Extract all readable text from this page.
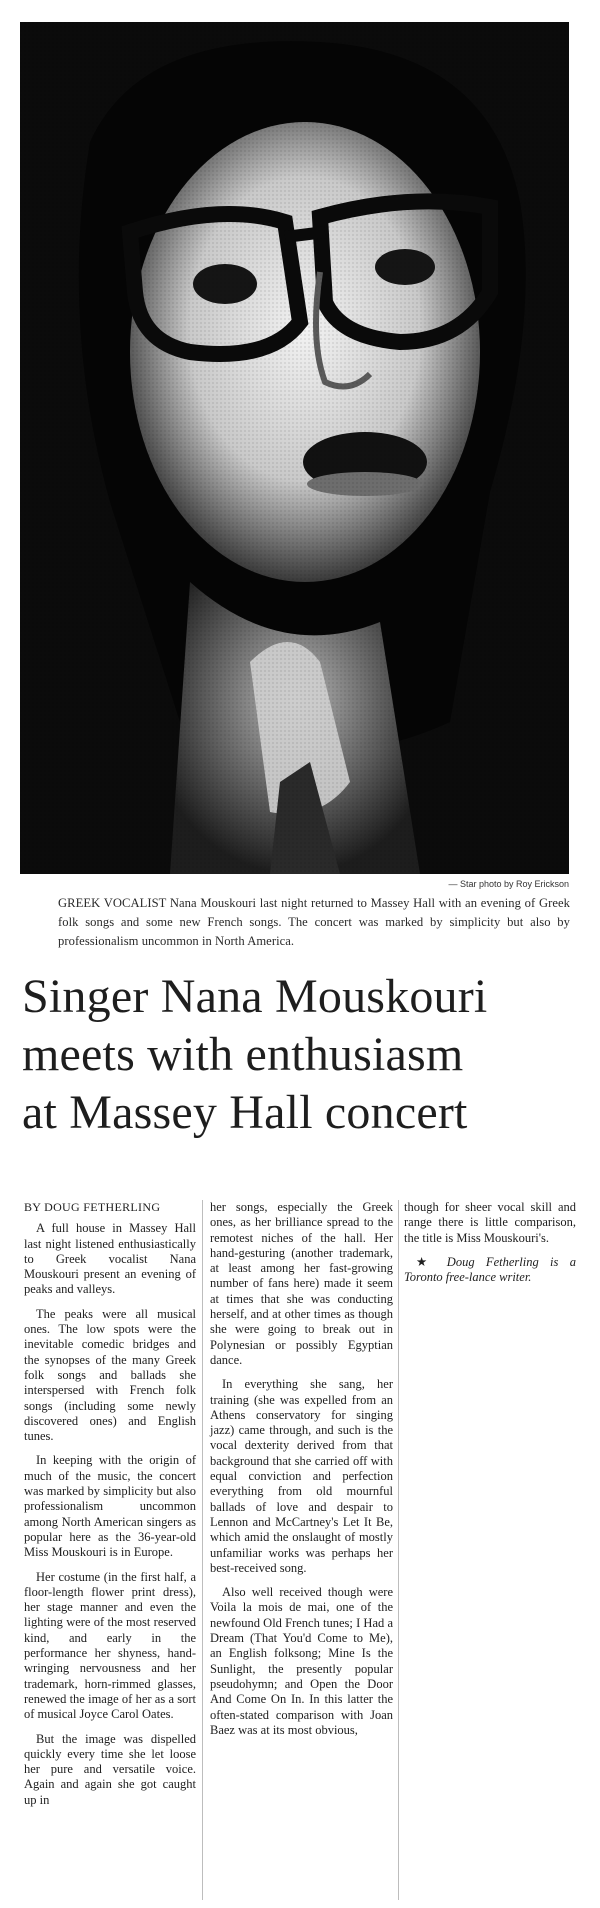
— Star photo by Roy Erickson
GREEK VOCALIST Nana Mouskouri last night returned to Massey Hall with an evening of Greek folk songs and some new French songs. The concert was marked by simplicity but also by professionalism uncommon in North America.
Singer Nana Mouskouri
meets with enthusiasm
at Massey Hall concert
BY DOUG FETHERLING

A full house in Massey Hall last night listened enthusiastically to Greek vocalist Nana Mouskouri present an evening of peaks and valleys.

The peaks were all musical ones. The low spots were the inevitable comedic bridges and the synopses of the many Greek folk songs and ballads she interspersed with French folk songs (including some newly discovered ones) and English tunes.

In keeping with the origin of much of the music, the concert was marked by simplicity but also professionalism uncommon among North American singers as popular here as the 36-year-old Miss Mouskouri is in Europe.

Her costume (in the first half, a floor-length flower print dress), her stage manner and even the lighting were of the most reserved kind, and early in the performance her shyness, hand-wringing nervousness and her trademark, horn-rimmed glasses, renewed the image of her as a sort of musical Joyce Carol Oates.

But the image was dispelled quickly every time she let loose her pure and versatile voice. Again and again she got caught up in

her songs, especially the Greek ones, as her brilliance spread to the remotest niches of the hall. Her hand-gesturing (another trademark, at least among her fast-growing number of fans here) made it seem at times that she was conducting herself, and at other times as though she were going to break out in Polynesian or possibly Egyptian dance.

In everything she sang, her training (she was expelled from an Athens conservatory for singing jazz) came through, and such is the vocal dexterity derived from that background that she carried off with equal conviction and perfection everything from old mournful ballads of love and despair to Lennon and McCartney's Let It Be, which amid the onslaught of mostly unfamiliar works was perhaps her best-received song.

Also well received though were Voila la mois de mai, one of the newfound Old French tunes; I Had a Dream (That You'd Come to Me), an English folksong; Mine Is the Sunlight, the presently popular pseudohymn; and Open the Door And Come On In. In this latter the often-stated comparison with Joan Baez was at its most obvious,

though for sheer vocal skill and range there is little comparison, the title is Miss Mouskouri's.

★ Doug Fetherling is a Toronto free-lance writer.
